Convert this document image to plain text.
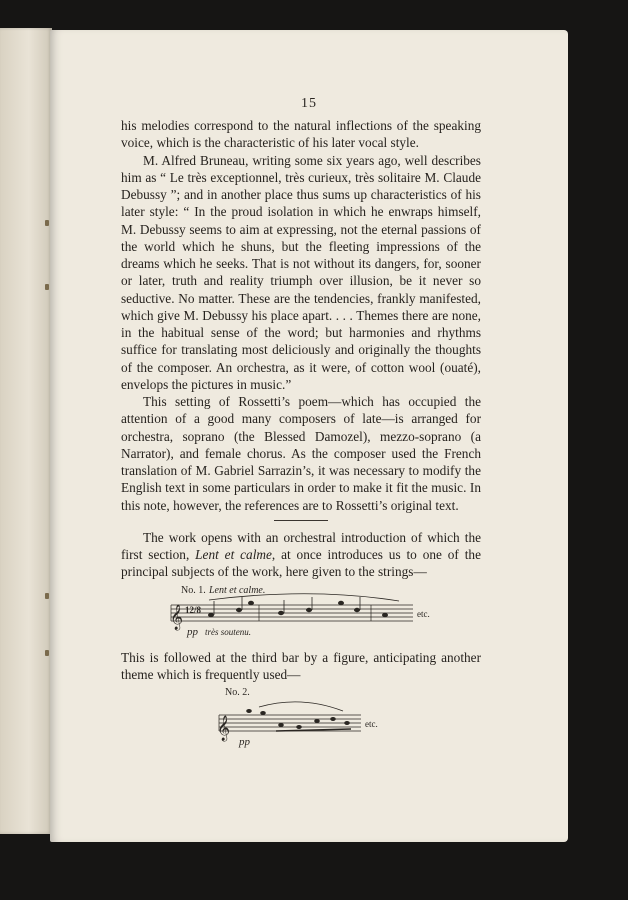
15

his melodies correspond to the natural inflections of the speaking voice, which is the characteristic of his later vocal style.

M. Alfred Bruneau, writing some six years ago, well describes him as “ Le très exceptionnel, très curieux, très solitaire M. Claude Debussy ”; and in another place thus sums up characteristics of his later style: “ In the proud isolation in which he enwraps himself, M. Debussy seems to aim at expressing, not the eternal passions of the world which he shuns, but the fleeting impressions of the dreams which he seeks. That is not without its dangers, for, sooner or later, truth and reality triumph over illusion, be it never so seductive. No matter. These are the tendencies, frankly manifested, which give M. Debussy his place apart. . . . Themes there are none, in the habitual sense of the word; but harmonies and rhythms suffice for translating most deliciously and originally the thoughts of the composer. An orchestra, as it were, of cotton wool (ouaté), envelops the pictures in music.”

This setting of Rossetti’s poem—which has occupied the attention of a good many composers of late—is arranged for orchestra, soprano (the Blessed Damozel), mezzo-soprano (a Narrator), and female chorus. As the composer used the French translation of M. Gabriel Sarrazin’s, it was necessary to modify the English text in some particulars in order to make it fit the music. In this note, however, the references are to Rossetti’s original text.

The work opens with an orchestral introduction of which the first section, Lent et calme, at once introduces us to one of the principal subjects of the work, here given to the strings—

No. 1. Lent et calme.
𝄞 12/8	etc.
pp très soutenu.

This is followed at the third bar by a figure, anticipating another theme which is frequently used—

No. 2.
𝄞	etc.
pp
